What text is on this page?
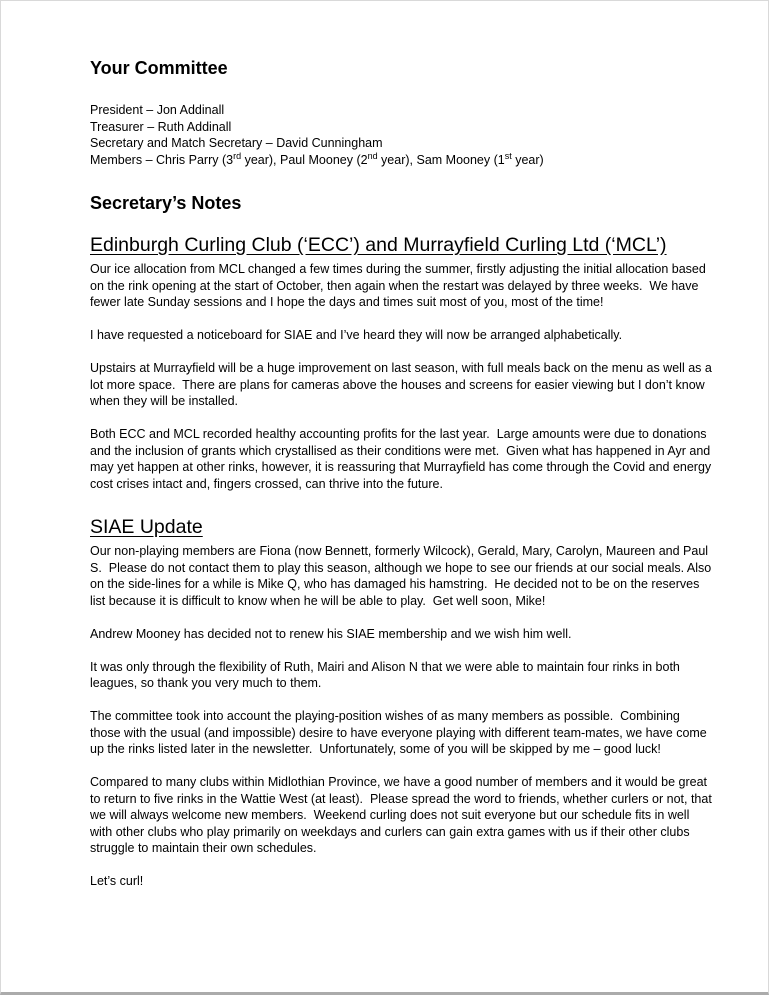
Your Committee

President – Jon Addinall

Treasurer – Ruth Addinall

Secretary and Match Secretary – David Cunningham

Members – Chris Parry (3rd year), Paul Mooney (2nd year), Sam Mooney (1st year)

Secretary’s Notes
Edinburgh Curling Club (‘ECC’) and Murrayfield Curling Ltd (‘MCL’)

Our ice allocation from MCL changed a few times during the summer, firstly adjusting the initial allocation based on the rink opening at the start of October, then again when the restart was delayed by three weeks.  We have fewer late Sunday sessions and I hope the days and times suit most of you, most of the time!

I have requested a noticeboard for SIAE and I’ve heard they will now be arranged alphabetically.

Upstairs at Murrayfield will be a huge improvement on last season, with full meals back on the menu as well as a lot more space.  There are plans for cameras above the houses and screens for easier viewing but I don’t know when they will be installed.

Both ECC and MCL recorded healthy accounting profits for the last year.  Large amounts were due to donations and the inclusion of grants which crystallised as their conditions were met.  Given what has happened in Ayr and may yet happen at other rinks, however, it is reassuring that Murrayfield has come through the Covid and energy cost crises intact and, fingers crossed, can thrive into the future.

SIAE Update

Our non-playing members are Fiona (now Bennett, formerly Wilcock), Gerald, Mary, Carolyn, Maureen and Paul S.  Please do not contact them to play this season, although we hope to see our friends at our social meals. Also on the side-lines for a while is Mike Q, who has damaged his hamstring.  He decided not to be on the reserves list because it is difficult to know when he will be able to play.  Get well soon, Mike!

Andrew Mooney has decided not to renew his SIAE membership and we wish him well.

It was only through the flexibility of Ruth, Mairi and Alison N that we were able to maintain four rinks in both leagues, so thank you very much to them.

The committee took into account the playing-position wishes of as many members as possible.  Combining those with the usual (and impossible) desire to have everyone playing with different team-mates, we have come up the rinks listed later in the newsletter.  Unfortunately, some of you will be skipped by me – good luck!

Compared to many clubs within Midlothian Province, we have a good number of members and it would be great to return to five rinks in the Wattie West (at least).  Please spread the word to friends, whether curlers or not, that we will always welcome new members.  Weekend curling does not suit everyone but our schedule fits in well with other clubs who play primarily on weekdays and curlers can gain extra games with us if their other clubs struggle to maintain their own schedules.

Let’s curl!
